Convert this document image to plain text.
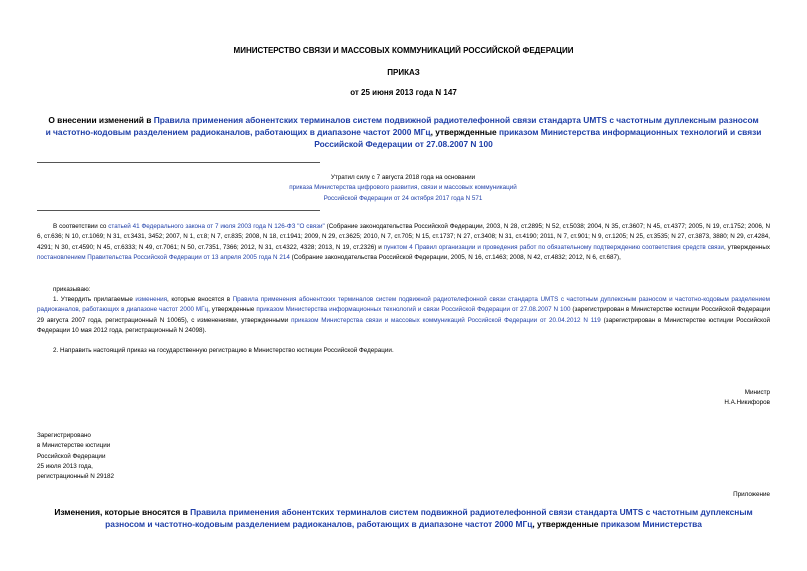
МИНИСТЕРСТВО СВЯЗИ И МАССОВЫХ КОММУНИКАЦИЙ РОССИЙСКОЙ ФЕДЕРАЦИИ
ПРИКАЗ
от 25 июня 2013 года N 147
О внесении изменений в Правила применения абонентских терминалов систем подвижной радиотелефонной связи стандарта UMTS с частотным дуплексным разносом и частотно-кодовым разделением радиоканалов, работающих в диапазоне частот 2000 МГц, утвержденные приказом Министерства информационных технологий и связи Российской Федерации от 27.08.2007 N 100
Утратил силу с 7 августа 2018 года на основании
приказа Министерства цифрового развития, связи и массовых коммуникаций
Российской Федерации от 24 октября 2017 года N 571
В соответствии со статьей 41 Федерального закона от 7 июля 2003 года N 126-ФЗ "О связи" (Собрание законодательства Российской Федерации, 2003, N 28, ст.2895; N 52, ст.5038; 2004, N 35, ст.3607; N 45, ст.4377; 2005, N 19, ст.1752; 2006, N 6, ст.636; N 10, ст.1069; N 31, ст.3431, 3452; 2007, N 1, ст.8; N 7, ст.835; 2008, N 18, ст.1941; 2009, N 29, ст.3625; 2010, N 7, ст.705; N 15, ст.1737; N 27, ст.3408; N 31, ст.4190; 2011, N 7, ст.901; N 9, ст.1205; N 25, ст.3535; N 27, ст.3873, 3880; N 29, ст.4284, 4291; N 30, ст.4590; N 45, ст.6333; N 49, ст.7061; N 50, ст.7351, 7366; 2012, N 31, ст.4322, 4328; 2013, N 19, ст.2326) и пунктом 4 Правил организации и проведения работ по обязательному подтверждению соответствия средств связи, утвержденных постановлением Правительства Российской Федерации от 13 апреля 2005 года N 214 (Собрание законодательства Российской Федерации, 2005, N 16, ст.1463; 2008, N 42, ст.4832; 2012, N 6, ст.687),
приказываю:
1. Утвердить прилагаемые изменения, которые вносятся в Правила применения абонентских терминалов систем подвижной радиотелефонной связи стандарта UMTS с частотным дуплексным разносом и частотно-кодовым разделением радиоканалов, работающих в диапазоне частот 2000 МГц, утвержденные приказом Министерства информационных технологий и связи Российской Федерации от 27.08.2007 N 100 (зарегистрирован в Министерстве юстиции Российской Федерации 29 августа 2007 года, регистрационный N 10065), с изменениями, утвержденными приказом Министерства связи и массовых коммуникаций Российской Федерации от 20.04.2012 N 119 (зарегистрирован в Министерстве юстиции Российской Федерации 10 мая 2012 года, регистрационный N 24098).
2. Направить настоящий приказ на государственную регистрацию в Министерство юстиции Российской Федерации.
Министр
Н.А.Никифоров
Зарегистрировано
в Министерстве юстиции
Российской Федерации
25 июля 2013 года,
регистрационный N 29182
Приложение
Изменения, которые вносятся в Правила применения абонентских терминалов систем подвижной радиотелефонной связи стандарта UMTS с частотным дуплексным разносом и частотно-кодовым разделением радиоканалов, работающих в диапазоне частот 2000 МГц, утвержденные приказом Министерства
